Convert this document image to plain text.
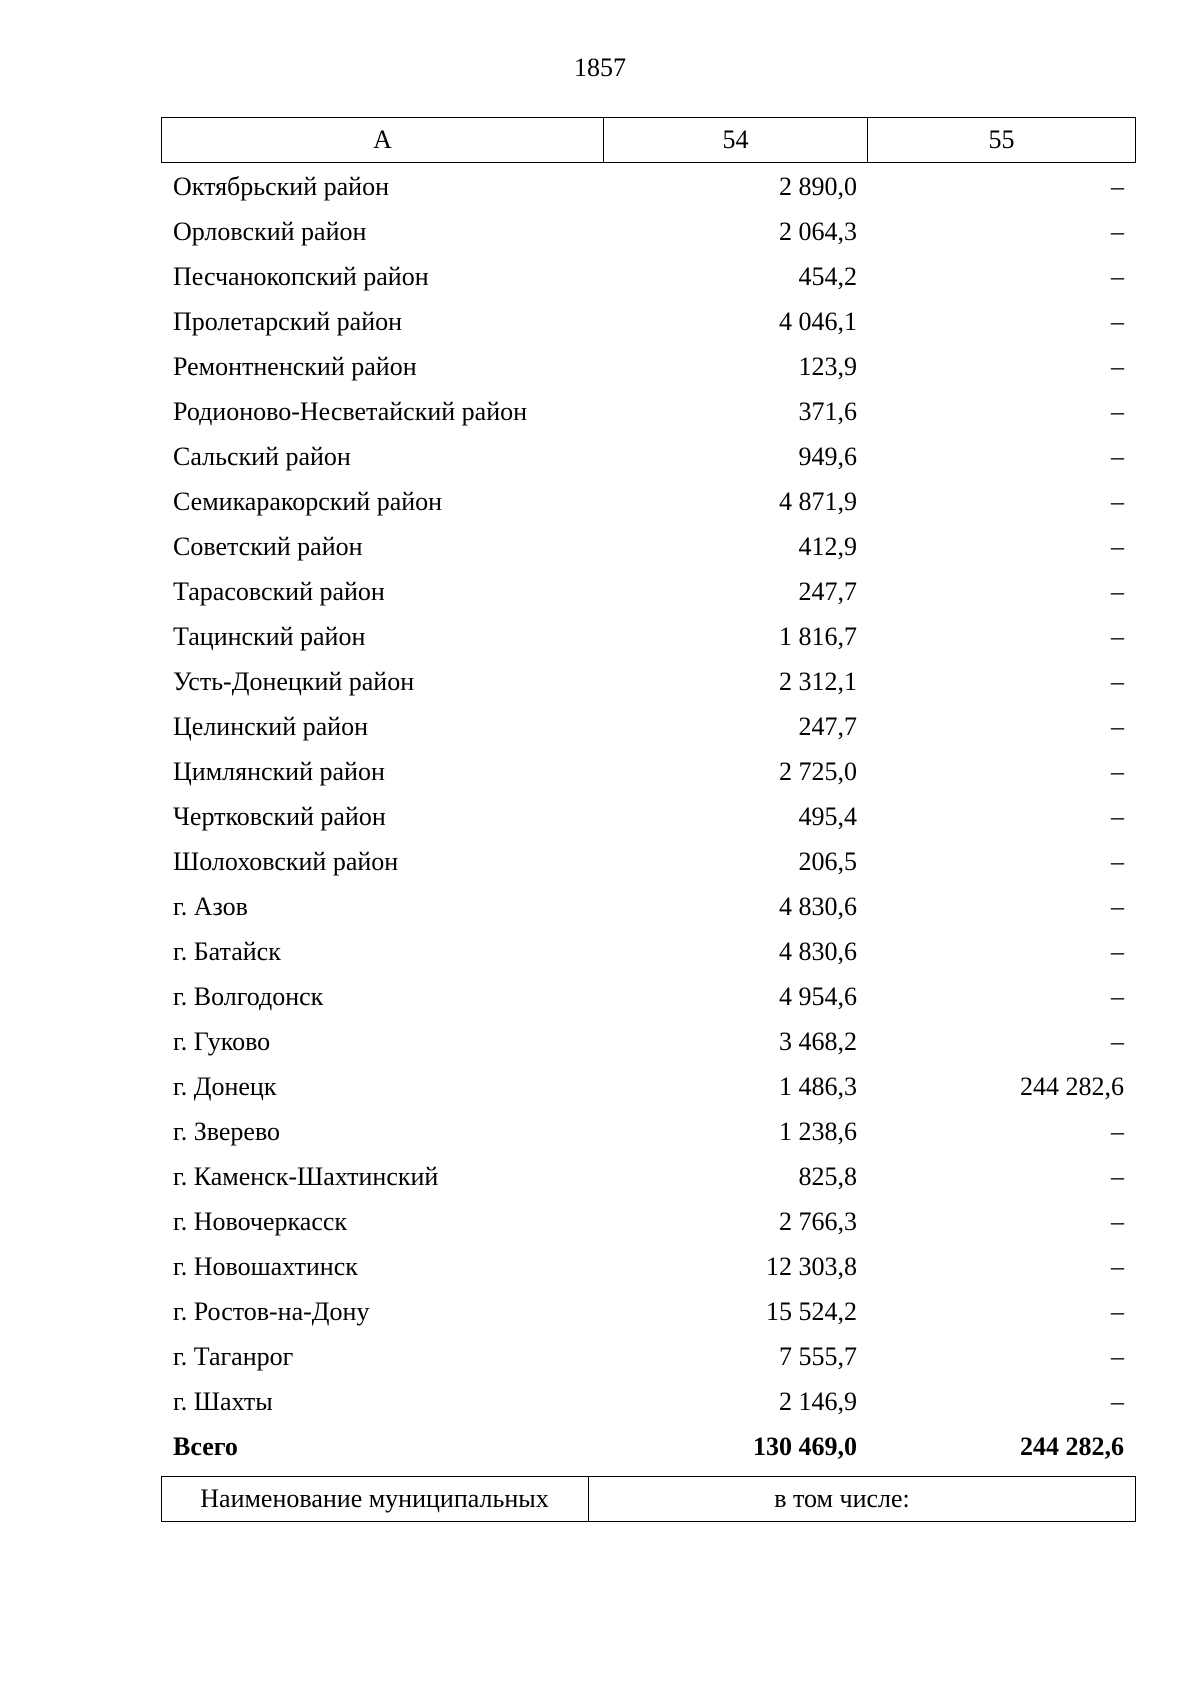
1857
А	54	55
Октябрьский район	2 890,0	–
Орловский район	2 064,3	–
Песчанокопский район	454,2	–
Пролетарский район	4 046,1	–
Ремонтненский район	123,9	–
Родионово-Несветайский район	371,6	–
Сальский район	949,6	–
Семикаракорский район	4 871,9	–
Советский район	412,9	–
Тарасовский район	247,7	–
Тацинский район	1 816,7	–
Усть-Донецкий район	2 312,1	–
Целинский район	247,7	–
Цимлянский район	2 725,0	–
Чертковский район	495,4	–
Шолоховский район	206,5	–
г. Азов	4 830,6	–
г. Батайск	4 830,6	–
г. Волгодонск	4 954,6	–
г. Гуково	3 468,2	–
г. Донецк	1 486,3	244 282,6
г. Зверево	1 238,6	–
г. Каменск-Шахтинский	825,8	–
г. Новочеркасск	2 766,3	–
г. Новошахтинск	12 303,8	–
г. Ростов-на-Дону	15 524,2	–
г. Таганрог	7 555,7	–
г. Шахты	2 146,9	–
Всего	130 469,0	244 282,6
Наименование муниципальных	в том числе:
